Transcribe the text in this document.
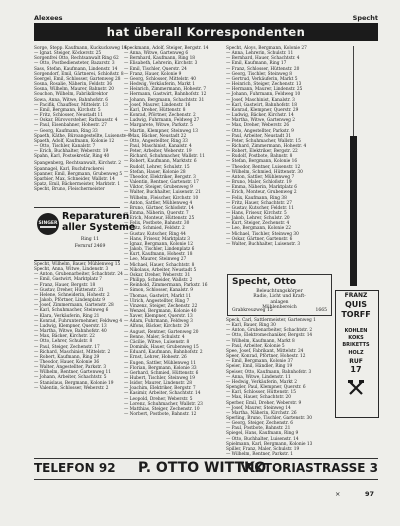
Alexees	Specht
hat überall Korrespondenten
Sorge, Stepp. Kaufmann, Kuckucksweg 14
— Ignat. Steiger, Köckerstr. 25
Sorgenfrei Otto, Rechtsanwalt Ring 62
— Otto, Postbediensteter, Bazarstr. 3
Sass, Stefan, Kaufmann, Lindenstr. 14
Sorgendorf, Emil, Gärtnerei, Schloßstr. 8
Soergel, Emil, Schlosser, Gartenweg 28
Sosna, Rosalie, Näherin, Feldstr. 36
Sosna, Wilhelm, Maurer, Bahnstr. 20
Souchon, Wilhelm, Fabrikdirektor
Sowa, Anna, Witwe, Bahnhofstr. 6
— Pacifik, Chauffeur, Mittelstr. 13
— Emil, Bergmann, Kirchstr. 5
— Fritz, Schlosser, Neustadt 11
— Oskar, Bürovorsteher, Rathausstr. 4
— Paul, Eisenbahner, Hohestr. 27
— Georg, Kaufmann, Ring 33
Spaeth, Käthe, Büroangestellte, Luisenstr. 9
Spaeth, Adolf, Kaufmann, Kolonie 12
— Otto, Tischler, Kanalstr. 7
— Erich, Buchhalter, Weberstr. 19
Spahn, Karl, Postsekretär, Ring 40
Spangenberg, Rechtsanwalt, Kirchstr. 2
Spannagel, Karl, Buchdruckerei
Spanner, Emil, Bergmann, Grubenweg 5
Sparbier, Max, Schneider, Wallstr. 14
Spatz, Emil, Bäckermeister, Marktstr. 1
Specht, Bruno, Fleischermeister
SINGER
Reparaturen
aller Systeme
Ring 11
Fernruf 2469
Specht, Wilhelm, Bauer, Mühlenweg 15
Specht, Anna, Witwe, Lindenstr. 3
— Anton, Grubenarbeiter, Schachtstr. 24
— Emil, Gastwirt, Marktplatz 7
— Franz, Hauer, Bergstr. 18
— Gustav, Dreher, Hüttenstr. 31
— Helene, Schneiderin, Hohestr. 2
— Jakob, Pförtner, Lindenplatz 9
— Josef, Zimmermann, Gartenstr. 28
— Karl, Schuhmacher, Steinweg 6
— Klara, Verkäuferin, Ring 21
— Konrad, Fuhrunternehmer, Feldweg 4
— Ludwig, Klempner, Querstr. 13
— Martha, Witwe, Bahnhofstr. 40
— Max, Bäcker, Kirchstr. 22
— Otto, Lehrer, Schulstr. 8
— Paul, Steiger, Zechenstr. 17
— Richard, Maschinist, Mittelstr. 2
— Robert, Kaufmann, Ring 29
— Theodor, Hauer, Kolonie 36
— Walter, Angestellter, Parkstr. 3
— Wilhelm, Rentner, Gartenweg 11
— Johann, Arbeiter, Schachtstr. 5
— Stanislaus, Bergmann, Kolonie 19
— Valentin, Schlosser, Weberstr. 2
Speckmann, Adolf, Steiger, Bergstr. 14
— Anna, Witwe, Gartenweg 6
— Bernhard, Kaufmann, Ring 18
— Elisabeth, Lehrerin, Kirchstr. 3
— Emil, Tischler, Querstr. 24
— Franz, Hauer, Kolonie 9
— Georg, Schlosser, Mittelstr. 40
— Hedwig, Verkäuferin, Markt 1
— Heinrich, Zimmermann, Hohestr. 7
— Hermann, Gastwirt, Bahnhofstr. 12
— Johann, Bergmann, Schachtstr. 31
— Josef, Maurer, Lindenstr. 16
— Karl, Dreher, Hüttenstr. 8
— Konrad, Pförtner, Zechenstr. 2
— Ludwig, Fuhrmann, Feldweg 27
— Margarete, Witwe, Parkstr. 5
— Martin, Klempner, Steinweg 13
— Max, Bäcker, Neustadt 22
— Otto, Angestellter, Ring 33
— Paul, Maschinist, Kanalstr. 4
— Peter, Arbeiter, Weberstr. 19
— Richard, Schuhmacher, Wallstr. 11
— Robert, Kaufmann, Marktstr. 6
— Rudolf, Lehrer, Schulstr. 15
— Stefan, Hauer, Kolonie 28
— Theodor, Elektriker, Bergstr. 3
— Valentin, Rentner, Gartenstr. 17
— Viktor, Steiger, Grubenweg 9
— Walter, Buchhalter, Luisenstr. 21
— Wilhelm, Fleischer, Kirchstr. 10
— Anton, Sattler, Mühlenweg 4
— Bruno, Gärtner, Schloßstr. 14
— Emma, Näherin, Querstr. 7
— Erich, Monteur, Hüttenstr. 25
— Felix, Postbote, Bahnstr. 30
— Fritz, Schmied, Feldstr. 2
— Gustav, Kutscher, Ring 44
— Hans, Friseur, Marktplatz 3
— Ignaz, Bergmann, Kolonie 12
— Jakob, Tischler, Lindenplatz 6
— Kurt, Kaufmann, Hohestr. 18
— Leo, Maurer, Steinweg 27
— Michael, Hauer, Schachtstr. 8
— Nikolaus, Arbeiter, Neustadt 5
— Oskar, Dreher, Weberstr. 31
— Philipp, Schneider, Wallstr. 2
— Reinhold, Zimmermann, Parkstr. 16
— Simon, Schlosser, Kanalstr. 9
— Thomas, Gastwirt, Markt 11
— Ulrich, Angestellter, Ring 7
— Vinzenz, Steiger, Zechenstr. 22
— Wenzel, Bergmann, Kolonie 40
— Xaver, Klempner, Querstr. 13
— Adam, Fuhrmann, Feldweg 3
— Alfons, Bäcker, Kirchstr. 29
— August, Rentner, Gartenweg 20
— Benno, Maler, Schulstr. 4
— Cäcilie, Witwe, Luisenstr. 8
— Dominik, Hauer, Grubenweg 15
— Eduard, Kaufmann, Bahnhofstr. 2
— Ernst, Lehrer, Hohestr. 26
— Eugen, Sattler, Mühlenweg 11
— Florian, Bergmann, Kolonie 33
— Gerhard, Schmied, Hüttenstr. 6
— Hubert, Tischler, Steinweg 19
— Isidor, Maurer, Lindenstr. 28
— Joachim, Elektriker, Bergstr. 7
— Kasimir, Arbeiter, Schachtstr. 14
— Leopold, Dreher, Weberstr. 5
— Lorenz, Schuhmacher, Wallstr. 23
— Matthias, Steiger, Zechenstr. 10
— Norbert, Postbote, Bahnstr. 12
Specht, Aloys, Bergmann, Kolonie 27
— Anna, Lehrerin, Schulstr. 11
— Bernhard, Hauer, Schachtstr. 4
— Emil, Kaufmann, Ring 17
— Franz, Schlosser, Hüttenstr. 20
— Georg, Tischler, Steinweg 8
— Gertrud, Verkäuferin, Markt 5
— Heinrich, Steiger, Zechenstr. 13
— Hermann, Maurer, Lindenstr. 25
— Johann, Fuhrmann, Feldweg 10
— Josef, Maschinist, Kanalstr. 3
— Karl, Gastwirt, Bahnhofstr. 18
— Konrad, Klempner, Querstr. 29
— Ludwig, Bäcker, Kirchstr. 14
— Martha, Witwe, Gartenweg 2
— Max, Dreher, Weberstr. 26
— Otto, Angestellter, Parkstr. 9
— Paul, Arbeiter, Neustadt 31
— Peter, Schuhmacher, Wallstr. 15
— Richard, Zimmermann, Hohestr. 4
— Robert, Elektriker, Bergstr. 22
— Rudolf, Postbote, Bahnstr. 8
— Stefan, Bergmann, Kolonie 16
— Theodor, Rentner, Luisenstr. 12
— Wilhelm, Schmied, Hüttenstr. 30
— Anton, Sattler, Mühlenweg 7
— Bruno, Maler, Schloßstr. 19
— Emma, Näherin, Marktplatz 6
— Erich, Monteur, Grubenweg 2
— Felix, Kaufmann, Ring 38
— Fritz, Hauer, Schachtstr. 27
— Gustav, Kutscher, Feldstr. 11
— Hans, Friseur, Kirchstr. 5
— Jakob, Lehrer, Schulstr. 20
— Kurt, Steiger, Zechenstr. 4
— Leo, Bergmann, Kolonie 22
— Michael, Tischler, Steinweg 30
— Oskar, Gärtner, Gartenstr. 6
— Walter, Buchhalter, Luisenstr. 3
Specht, Otto
Beleuchtungskörper
Radio, Licht und Kraft-
anlagen
Mühlenbereich
Grabkreuzweg 15	1665
Speck, Carl, Sattlermeister, Gartenweg 1
— Karl, Bauer, Ring 30
— Anton, Grubenarbeiter, Schachtstr. 2
— Otto, Elektromechaniker, Bergstr. 14
— Wilhelm, Kaufmann, Markt 8
— Paul, Arbeiter, Kolonie 5
Spee, Josef, Fabrikant, Mittelstr. 24
Speer, Konrad, Pförtner, Hohestr. 12
— Emil, Bergmann, Kolonie 37
Speier, Emil, Händler, Ring 19
Speiser, Otto, Kaufmann, Bahnhofstr. 3
— Anna, Witwe, Lindenstr. 11
— Hedwig, Verkäuferin, Markt 2
Spengler, Paul, Klempner, Querstr. 6
— Karl, Schlosser, Hüttenstr. 15
— Max, Hauer, Schachtstr. 20
Sperber, Emil, Dreher, Weberstr. 9
— Josef, Maurer, Steinweg 14
— Martha, Näherin, Kirchstr. 26
Sperling, Bruno, Tischler, Gartenstr. 30
— Georg, Steiger, Zechenstr. 6
— Paul, Postbote, Bahnstr. 21
Spiegel, Hans, Kaufmann, Ring 9
— Otto, Buchhalter, Luisenstr. 14
Spielmann, Karl, Bergmann, Kolonie 13
Spiller, Franz, Maler, Schulstr. 19
— Wilhelm, Rentner, Parkstr. 1
FRANZ
QUIS
TORFF
KOHLEN
KOKS
BRIKETTS
HOLZ
RUF
17
TELEFON 92 P. OTTO WITTKO
VIKTORIASTRASSE 3
×	97
